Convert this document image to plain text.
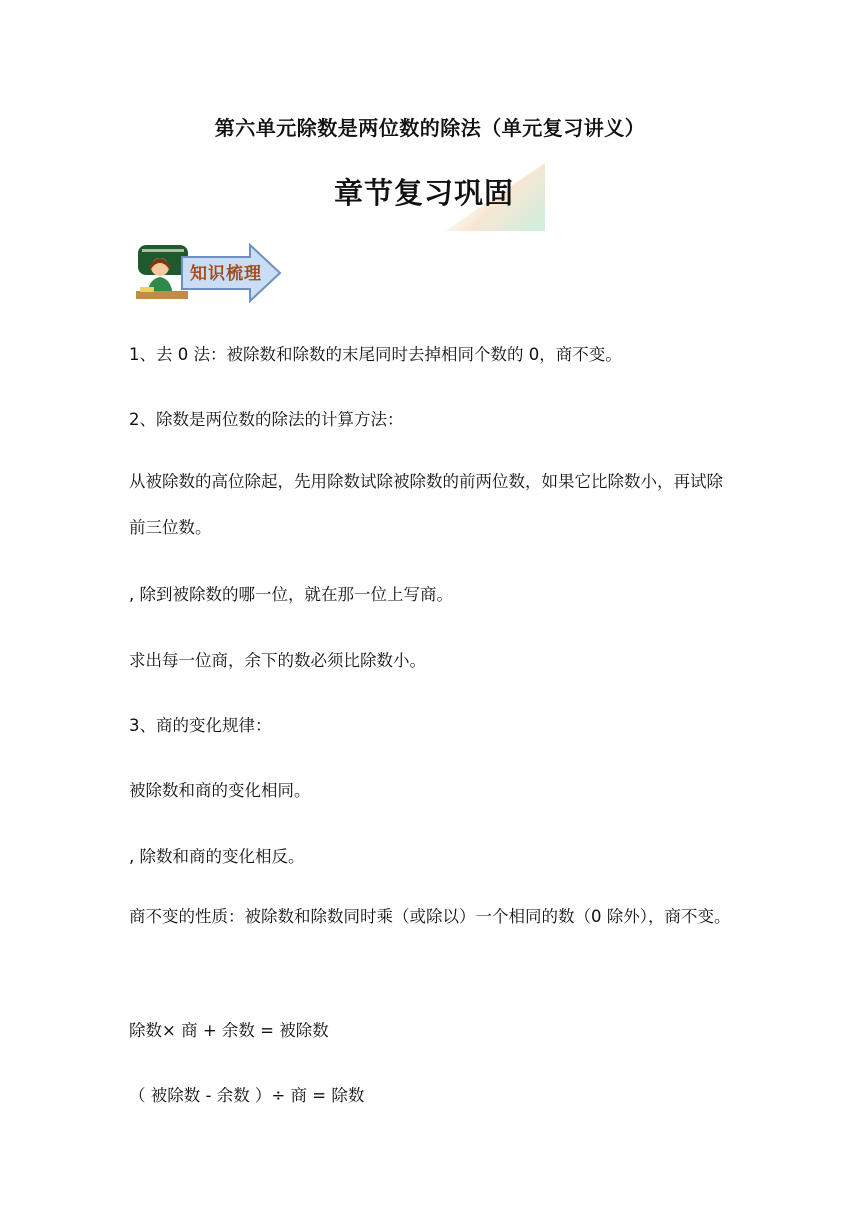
第六单元除数是两位数的除法（单元复习讲义）
章节复习巩固
知识梳理
1、去 0 法：被除数和除数的末尾同时去掉相同个数的 0，商不变。
2、除数是两位数的除法的计算方法：
从被除数的高位除起，先用除数试除被除数的前两位数，如果它比除数小，再试除前三位数。
, 除到被除数的哪一位，就在那一位上写商。
求出每一位商，余下的数必须比除数小。
3、商的变化规律：
被除数和商的变化相同。
, 除数和商的变化相反。
商不变的性质：被除数和除数同时乘（或除以）一个相同的数（0 除外），商不变。
除数× 商 + 余数 = 被除数
（ 被除数 - 余数 ）÷ 商 = 除数
